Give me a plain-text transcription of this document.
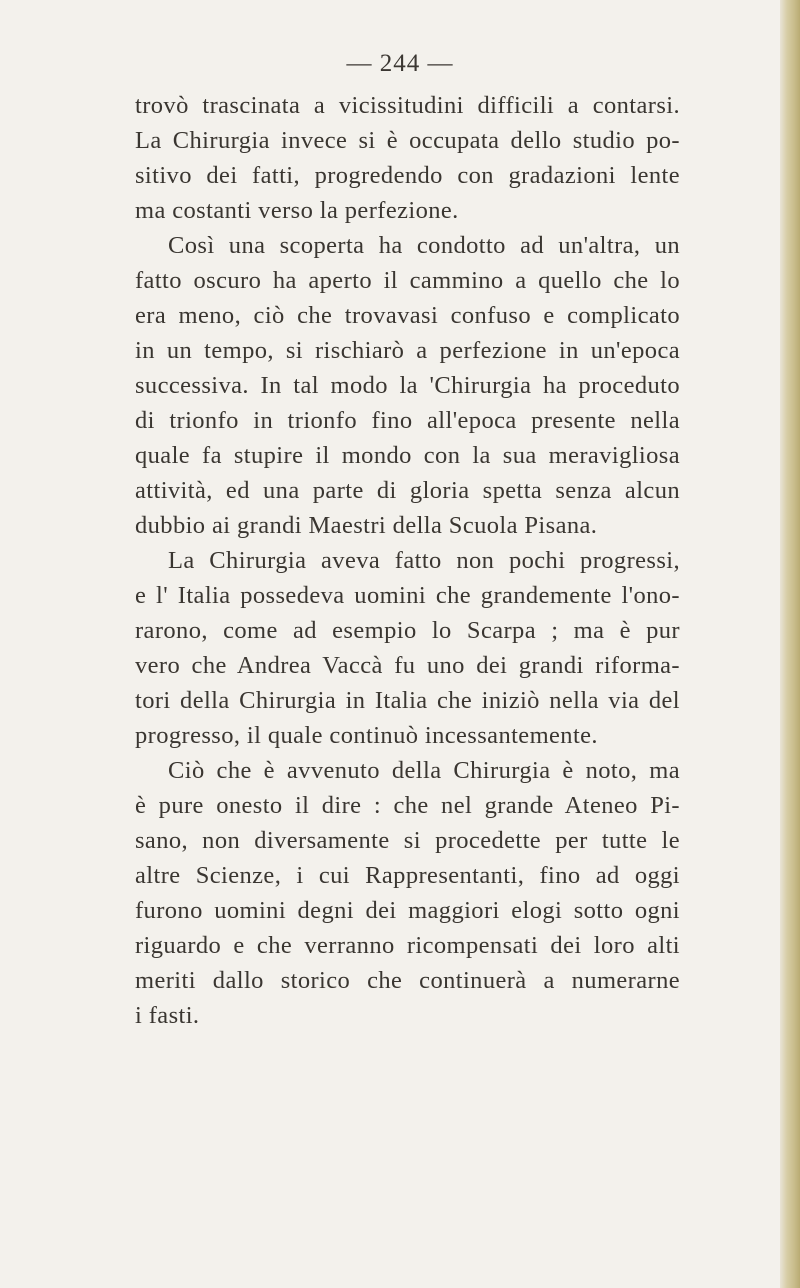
— 244 —
trovò trascinata a vicissitudini difficili a contarsi.
La Chirurgia invece si è occupata dello studio po-
sitivo dei fatti, progredendo con gradazioni lente
ma costanti verso la perfezione.
Così una scoperta ha condotto ad un'altra, un
fatto oscuro ha aperto il cammino a quello che lo
era meno, ciò che trovavasi confuso e complicato
in un tempo, si rischiarò a perfezione in un'epoca
successiva. In tal modo la 'Chirurgia ha proceduto
di trionfo in trionfo fino all'epoca presente nella
quale fa stupire il mondo con la sua meravigliosa
attività, ed una parte di gloria spetta senza alcun
dubbio ai grandi Maestri della Scuola Pisana.
La Chirurgia aveva fatto non pochi progressi,
e l' Italia possedeva uomini che grandemente l'ono-
rarono, come ad esempio lo Scarpa ; ma è pur
vero che Andrea Vaccà fu uno dei grandi riforma-
tori della Chirurgia in Italia che iniziò nella via del
progresso, il quale continuò incessantemente.
Ciò che è avvenuto della Chirurgia è noto, ma
è pure onesto il dire : che nel grande Ateneo Pi-
sano, non diversamente si procedette per tutte le
altre Scienze, i cui Rappresentanti, fino ad oggi
furono uomini degni dei maggiori elogi sotto ogni
riguardo e che verranno ricompensati dei loro alti
meriti dallo storico che continuerà a numerarne
i fasti.
